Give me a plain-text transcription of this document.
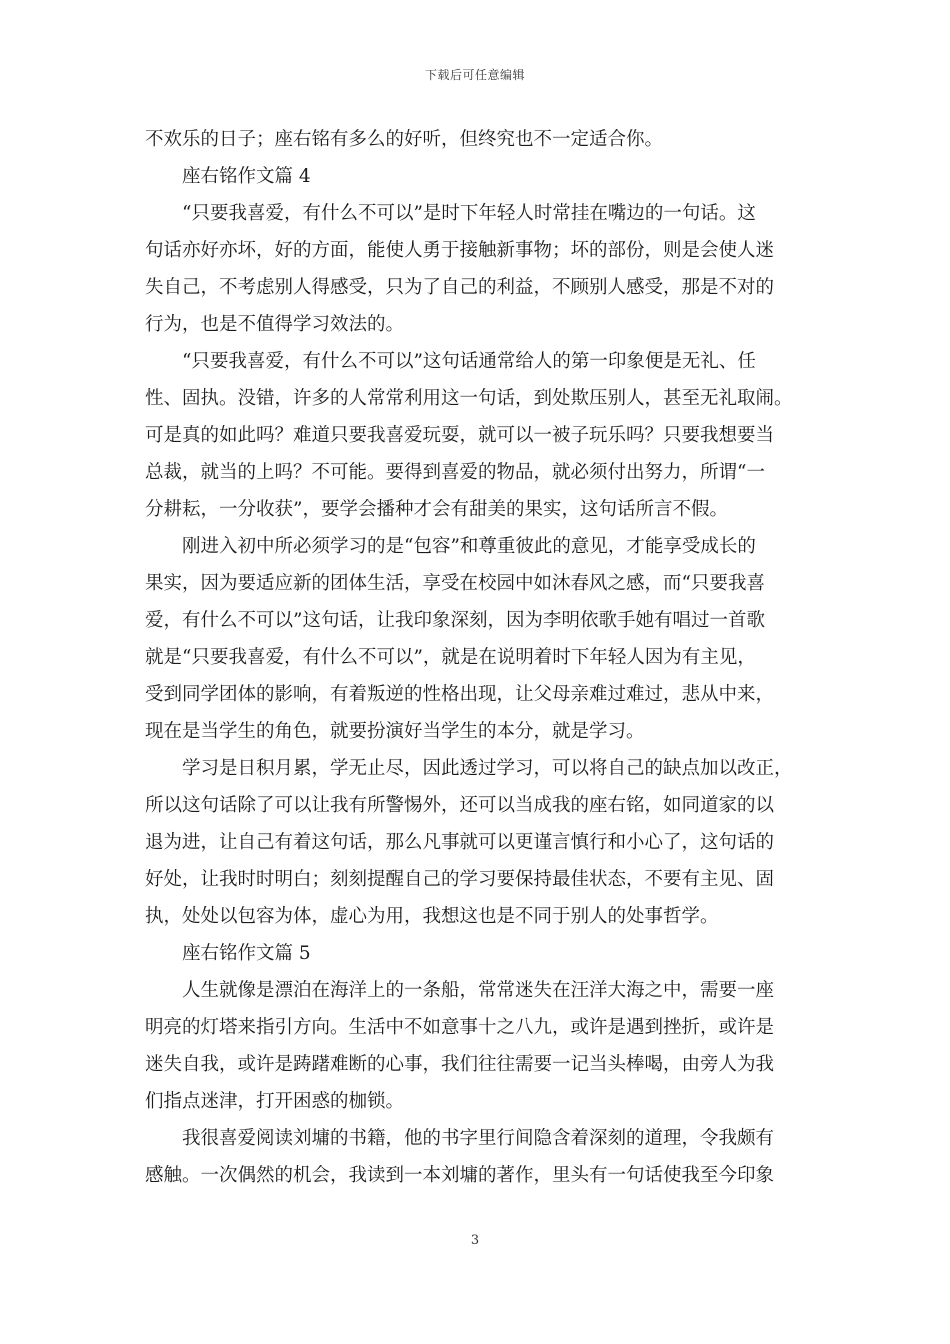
下载后可任意编辑
不欢乐的日子；座右铭有多么的好听，但终究也不一定适合你。
座右铭作文篇 4
“只要我喜爱，有什么不可以”是时下年轻人时常挂在嘴边的一句话。这
句话亦好亦坏，好的方面，能使人勇于接触新事物；坏的部份，则是会使人迷
失自己，不考虑别人得感受，只为了自己的利益，不顾别人感受，那是不对的
行为，也是不值得学习效法的。
“只要我喜爱，有什么不可以”这句话通常给人的第一印象便是无礼、任
性、固执。没错，许多的人常常利用这一句话，到处欺压别人，甚至无礼取闹。
可是真的如此吗？难道只要我喜爱玩耍，就可以一被子玩乐吗？只要我想要当
总裁，就当的上吗？不可能。要得到喜爱的物品，就必须付出努力，所谓“一
分耕耘，一分收获”，要学会播种才会有甜美的果实，这句话所言不假。
刚进入初中所必须学习的是“包容”和尊重彼此的意见，才能享受成长的
果实，因为要适应新的团体生活，享受在校园中如沐春风之感，而“只要我喜
爱，有什么不可以”这句话，让我印象深刻，因为李明依歌手她有唱过一首歌
就是“只要我喜爱，有什么不可以”，就是在说明着时下年轻人因为有主见，
受到同学团体的影响，有着叛逆的性格出现，让父母亲难过难过，悲从中来，
现在是当学生的角色，就要扮演好当学生的本分，就是学习。
学习是日积月累，学无止尽，因此透过学习，可以将自己的缺点加以改正，
所以这句话除了可以让我有所警惕外，还可以当成我的座右铭，如同道家的以
退为进，让自己有着这句话，那么凡事就可以更谨言慎行和小心了，这句话的
好处，让我时时明白；刻刻提醒自己的学习要保持最佳状态，不要有主见、固
执，处处以包容为体，虚心为用，我想这也是不同于别人的处事哲学。
座右铭作文篇 5
人生就像是漂泊在海洋上的一条船，常常迷失在汪洋大海之中，需要一座
明亮的灯塔来指引方向。生活中不如意事十之八九，或许是遇到挫折，或许是
迷失自我，或许是踌躇难断的心事，我们往往需要一记当头棒喝，由旁人为我
们指点迷津，打开困惑的枷锁。
我很喜爱阅读刘墉的书籍，他的书字里行间隐含着深刻的道理，令我颇有
感触。一次偶然的机会，我读到一本刘墉的著作，里头有一句话使我至今印象
3
